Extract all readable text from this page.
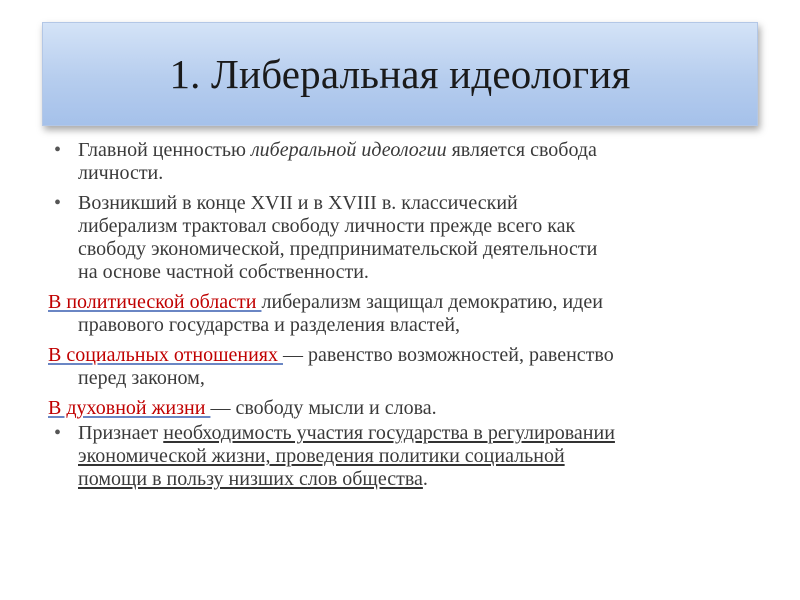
1. Либеральная идеология
• Главной ценностью либеральной идеологии является свобода
личности.
• Возникший в конце XVII и в XVIII в. классический
либерализм трактовал свободу личности прежде всего как
свободу экономической, предпринимательской деятельности
на основе частной собственности.
В политической области либерализм защищал демократию, идеи
правового государства и разделения властей,
В социальных отношениях — равенство возможностей, равенство
перед законом,
В духовной жизни — свободу мысли и слова.
• Признает необходимость участия государства в регулировании
экономической жизни, проведения политики социальной
помощи в пользу низших слов общества.
